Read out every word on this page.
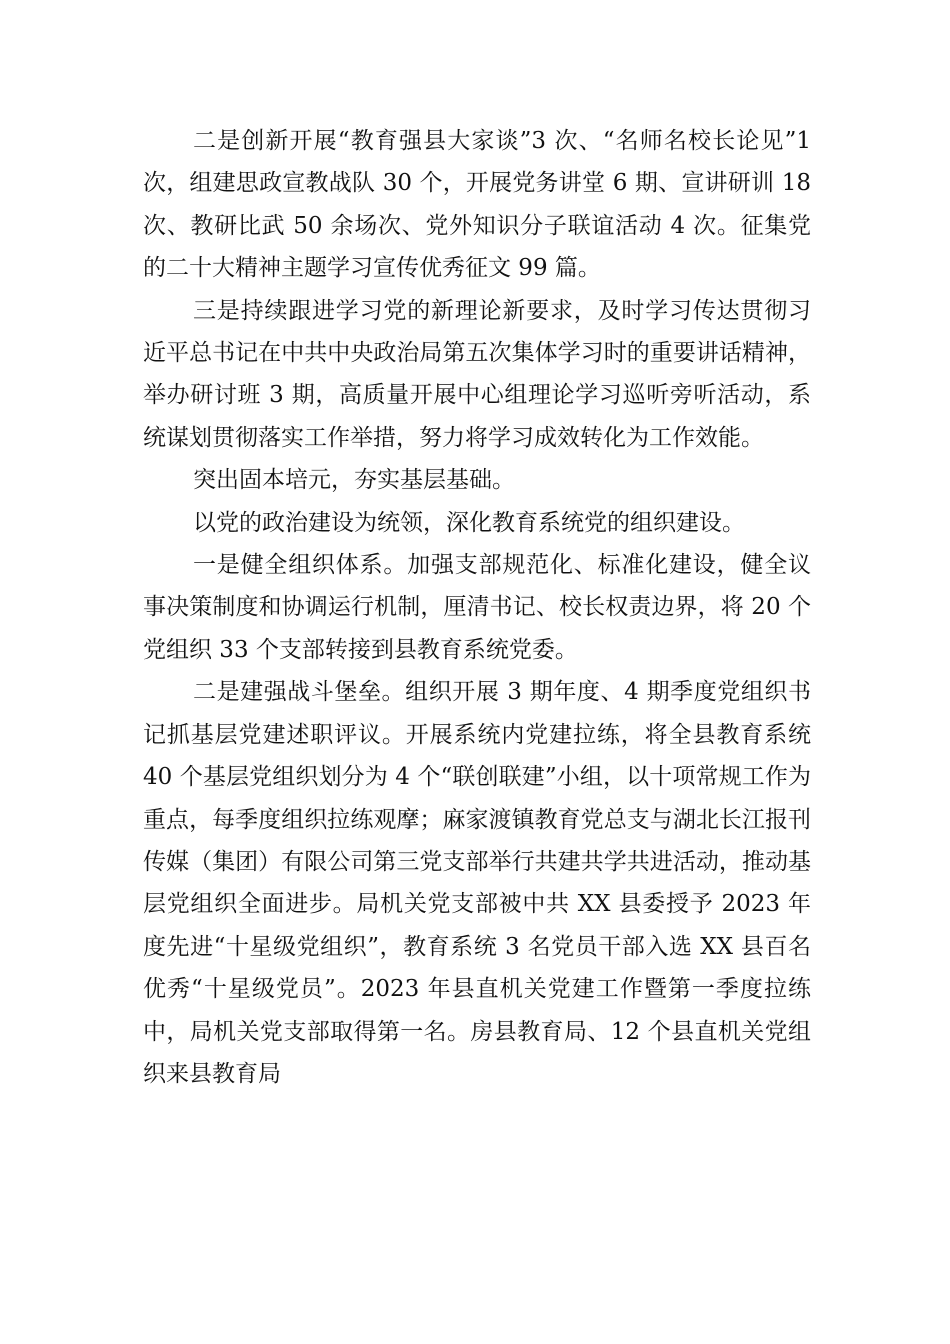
二是创新开展“教育强县大家谈”3 次、“名师名校长论见”1 次，组建思政宣教战队 30 个，开展党务讲堂 6 期、宣讲研训 18 次、教研比武 50 余场次、党外知识分子联谊活动 4 次。征集党的二十大精神主题学习宣传优秀征文 99 篇。

三是持续跟进学习党的新理论新要求，及时学习传达贯彻习近平总书记在中共中央政治局第五次集体学习时的重要讲话精神，举办研讨班 3 期，高质量开展中心组理论学习巡听旁听活动，系统谋划贯彻落实工作举措，努力将学习成效转化为工作效能。

突出固本培元，夯实基层基础。

以党的政治建设为统领，深化教育系统党的组织建设。

一是健全组织体系。加强支部规范化、标准化建设，健全议事决策制度和协调运行机制，厘清书记、校长权责边界，将 20 个党组织 33 个支部转接到县教育系统党委。

二是建强战斗堡垒。组织开展 3 期年度、4 期季度党组织书记抓基层党建述职评议。开展系统内党建拉练，将全县教育系统 40 个基层党组织划分为 4 个“联创联建”小组，以十项常规工作为重点，每季度组织拉练观摩；麻家渡镇教育党总支与湖北长江报刊传媒（集团）有限公司第三党支部举行共建共学共进活动，推动基层党组织全面进步。局机关党支部被中共 XX 县委授予 2023 年度先进“十星级党组织”，教育系统 3 名党员干部入选 XX 县百名优秀“十星级党员”。2023 年县直机关党建工作暨第一季度拉练中，局机关党支部取得第一名。房县教育局、12 个县直机关党组织来县教育局
